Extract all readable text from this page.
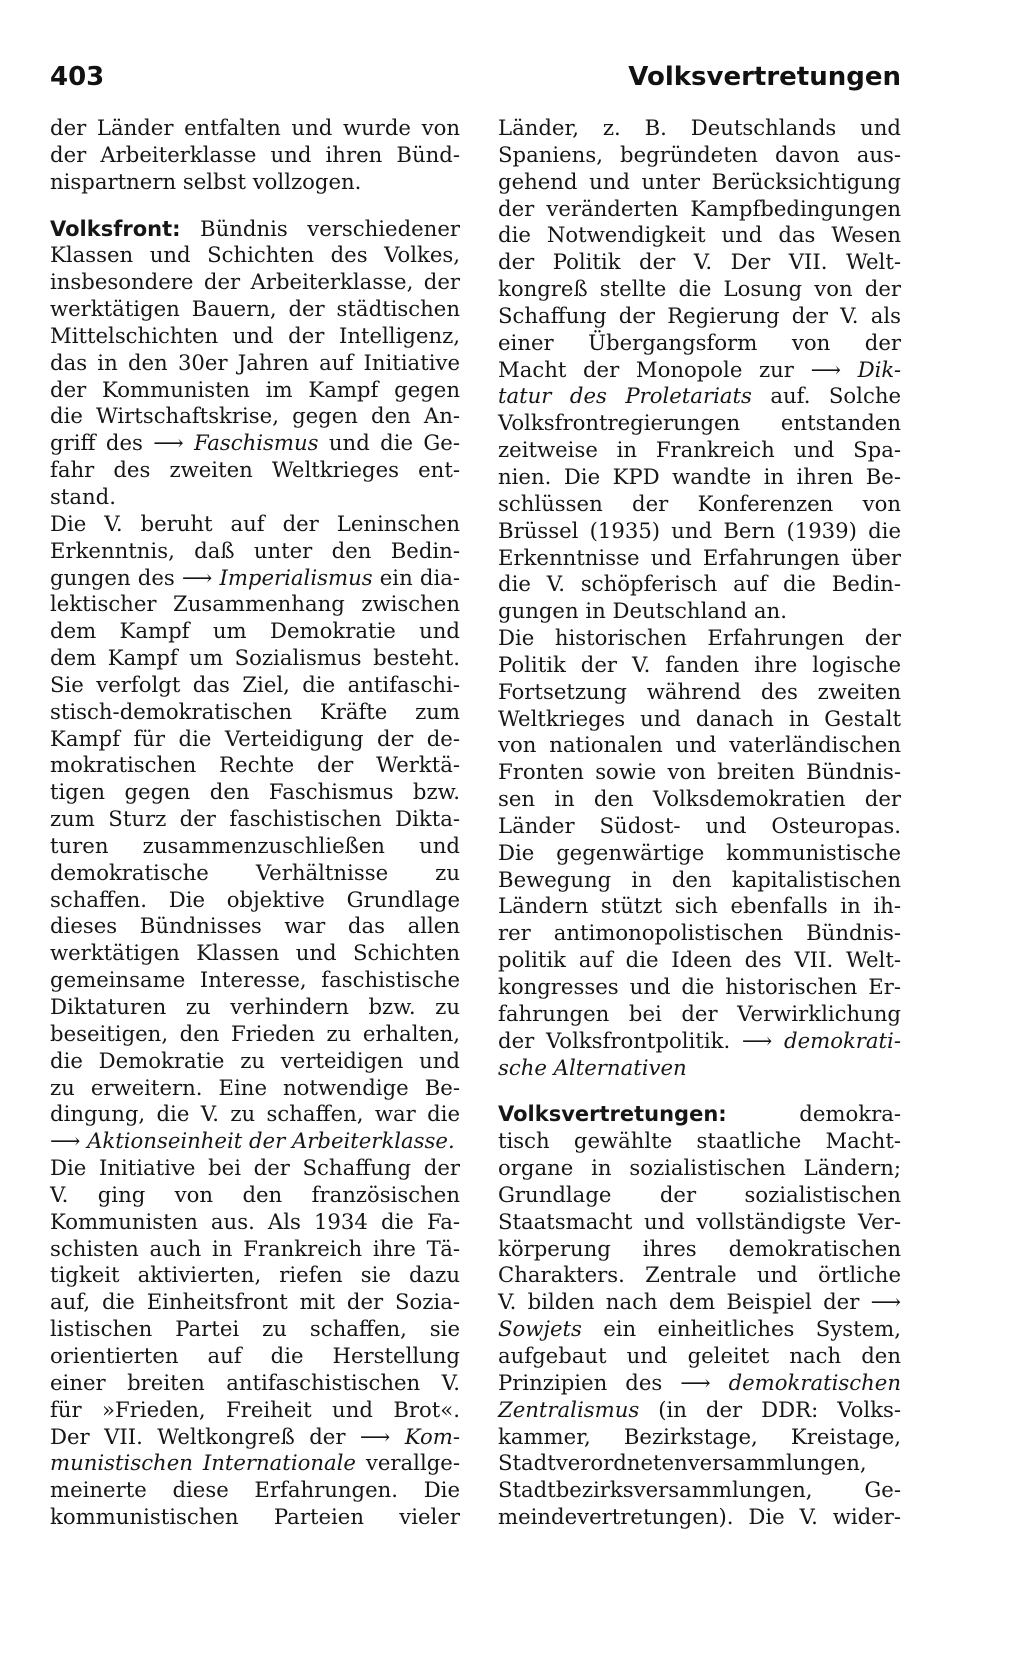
403	Volksvertretungen
der Länder entfalten und wurde von
der Arbeiterklasse und ihren Bünd-
nispartnern selbst vollzogen.
Volksfront: Bündnis verschiedener
Klassen und Schichten des Volkes,
insbesondere der Arbeiterklasse, der
werktätigen Bauern, der städtischen
Mittelschichten und der Intelligenz,
das in den 30er Jahren auf Initiative
der Kommunisten im Kampf gegen
die Wirtschaftskrise, gegen den An-
griff des ⟶ Faschismus und die Ge-
fahr des zweiten Weltkrieges ent-
stand.
Die V. beruht auf der Leninschen
Erkenntnis, daß unter den Bedin-
gungen des ⟶ Imperialismus ein dia-
lektischer Zusammenhang zwischen
dem Kampf um Demokratie und
dem Kampf um Sozialismus besteht.
Sie verfolgt das Ziel, die antifaschi-
stisch-demokratischen Kräfte zum
Kampf für die Verteidigung der de-
mokratischen Rechte der Werktä-
tigen gegen den Faschismus bzw.
zum Sturz der faschistischen Dikta-
turen zusammenzuschließen und
demokratische Verhältnisse zu
schaffen. Die objektive Grundlage
dieses Bündnisses war das allen
werktätigen Klassen und Schichten
gemeinsame Interesse, faschistische
Diktaturen zu verhindern bzw. zu
beseitigen, den Frieden zu erhalten,
die Demokratie zu verteidigen und
zu erweitern. Eine notwendige Be-
dingung, die V. zu schaffen, war die
⟶ Aktionseinheit der Arbeiterklasse.
Die Initiative bei der Schaffung der
V. ging von den französischen
Kommunisten aus. Als 1934 die Fa-
schisten auch in Frankreich ihre Tä-
tigkeit aktivierten, riefen sie dazu
auf, die Einheitsfront mit der Sozia-
listischen Partei zu schaffen, sie
orientierten auf die Herstellung
einer breiten antifaschistischen V.
für »Frieden, Freiheit und Brot«.
Der VII. Weltkongreß der ⟶ Kom-
munistischen Internationale verallge-
meinerte diese Erfahrungen. Die
kommunistischen Parteien vieler
Länder, z. B. Deutschlands und
Spaniens, begründeten davon aus-
gehend und unter Berücksichtigung
der veränderten Kampfbedingungen
die Notwendigkeit und das Wesen
der Politik der V. Der VII. Welt-
kongreß stellte die Losung von der
Schaffung der Regierung der V. als
einer Übergangsform von der
Macht der Monopole zur ⟶ Dik-
tatur des Proletariats auf. Solche
Volksfrontregierungen entstanden
zeitweise in Frankreich und Spa-
nien. Die KPD wandte in ihren Be-
schlüssen der Konferenzen von
Brüssel (1935) und Bern (1939) die
Erkenntnisse und Erfahrungen über
die V. schöpferisch auf die Bedin-
gungen in Deutschland an.
Die historischen Erfahrungen der
Politik der V. fanden ihre logische
Fortsetzung während des zweiten
Weltkrieges und danach in Gestalt
von nationalen und vaterländischen
Fronten sowie von breiten Bündnis-
sen in den Volksdemokratien der
Länder Südost- und Osteuropas.
Die gegenwärtige kommunistische
Bewegung in den kapitalistischen
Ländern stützt sich ebenfalls in ih-
rer antimonopolistischen Bündnis-
politik auf die Ideen des VII. Welt-
kongresses und die historischen Er-
fahrungen bei der Verwirklichung
der Volksfrontpolitik. ⟶ demokrati-
sche Alternativen
Volksvertretungen: demokra-
tisch gewählte staatliche Macht-
organe in sozialistischen Ländern;
Grundlage der sozialistischen
Staatsmacht und vollständigste Ver-
körperung ihres demokratischen
Charakters. Zentrale und örtliche
V. bilden nach dem Beispiel der ⟶
Sowjets ein einheitliches System,
aufgebaut und geleitet nach den
Prinzipien des ⟶ demokratischen
Zentralismus (in der DDR: Volks-
kammer, Bezirkstage, Kreistage,
Stadtverordnetenversammlungen,
Stadtbezirksversammlungen, Ge-
meindevertretungen). Die V. wider-
